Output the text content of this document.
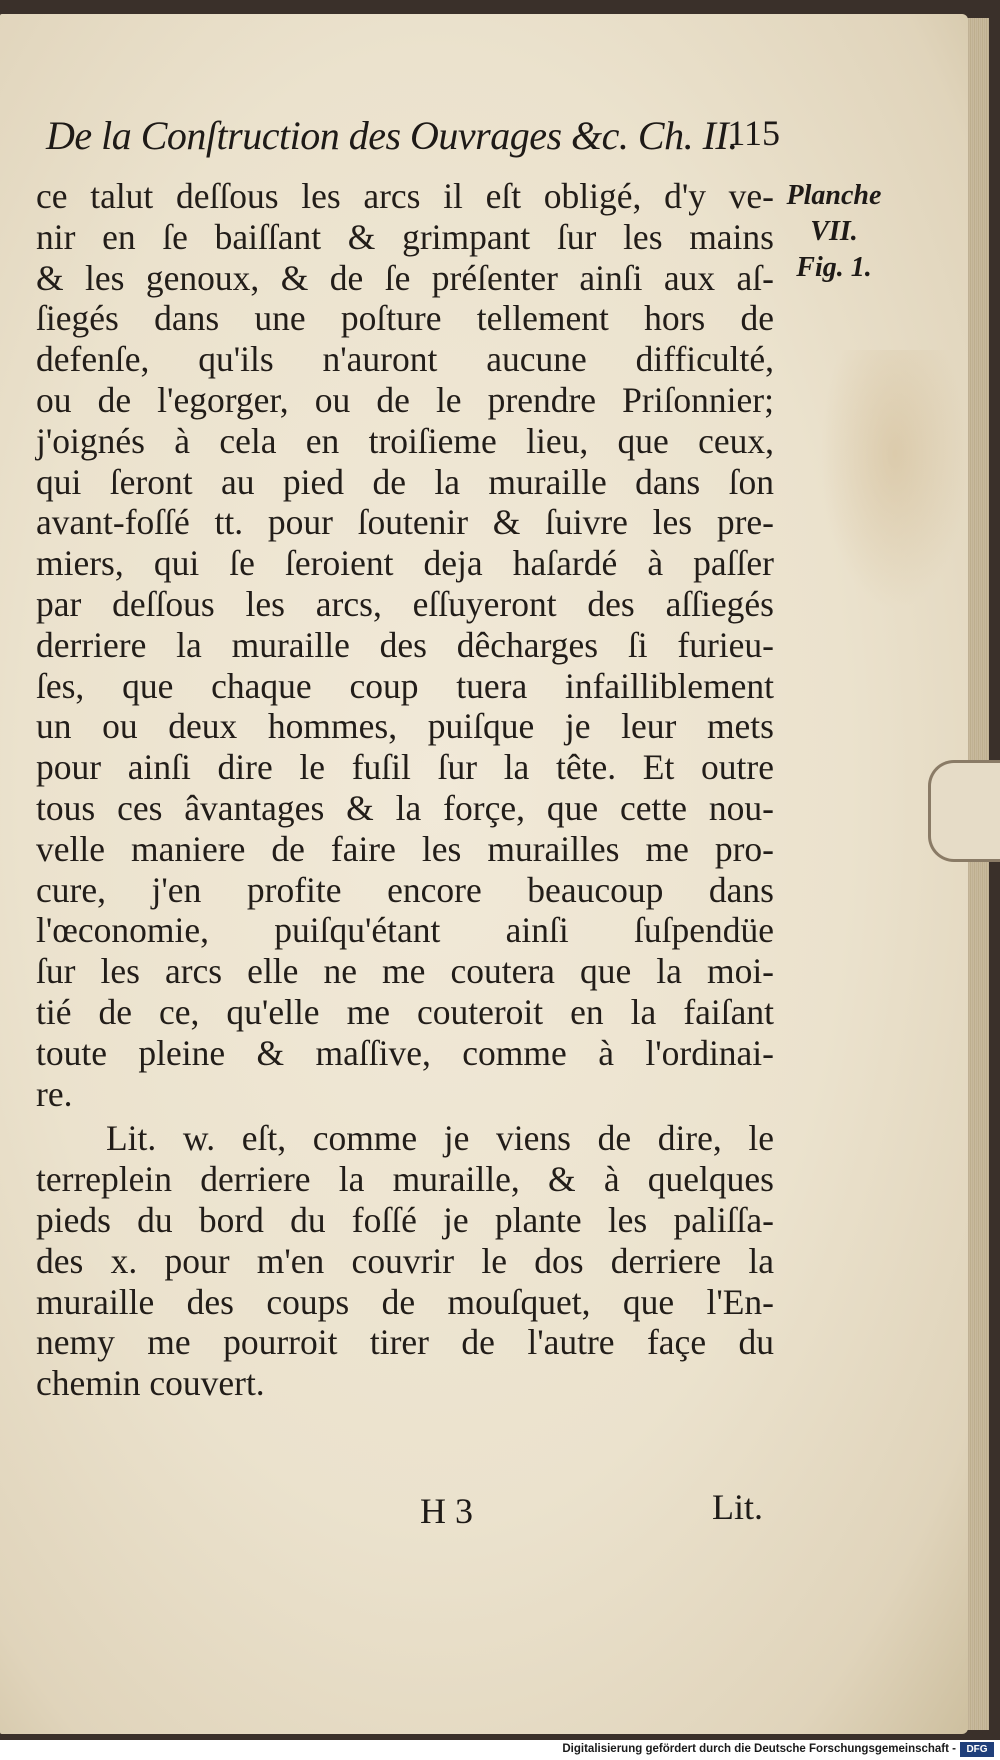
De la Conſtruction des Ouvrages &c. Ch. II.
115
Planche
VII.
Fig. 1.
ce talut deſſous les arcs il eſt obligé, d'y ve-
nir en ſe baiſſant & grimpant ſur les mains
& les genoux, & de ſe préſenter ainſi aux aſ-
ſiegés dans une poſture tellement hors de
defenſe, qu'ils n'auront aucune difficulté,
ou de l'egorger, ou de le prendre Priſonnier;
j'oignés à cela en troiſieme lieu, que ceux,
qui ſeront au pied de la muraille dans ſon
avant-foſſé tt. pour ſoutenir & ſuivre les pre-
miers, qui ſe ſeroient deja haſardé à paſſer
par deſſous les arcs, eſſuyeront des aſſiegés
derriere la muraille des dêcharges ſi furieu-
ſes, que chaque coup tuera infailliblement
un ou deux hommes, puiſque je leur mets
pour ainſi dire le fuſil ſur la tête. Et outre
tous ces âvantages & la forçe, que cette nou-
velle maniere de faire les murailles me pro-
cure, j'en profite encore beaucoup dans
l'œconomie, puiſqu'étant ainſi ſuſpendüe
ſur les arcs elle ne me coutera que la moi-
tié de ce, qu'elle me couteroit en la faiſant
toute pleine & maſſive, comme à l'ordinai-
re.
Lit. w. eſt, comme je viens de dire, le
terreplein derriere la muraille, & à quelques
pieds du bord du foſſé je plante les paliſſa-
des x. pour m'en couvrir le dos derriere la
muraille des coups de mouſquet, que l'En-
nemy me pourroit tirer de l'autre façe du
chemin couvert.
H 3	Lit.
Digitalisierung gefördert durch die Deutsche Forschungsgemeinschaft -	DFG
